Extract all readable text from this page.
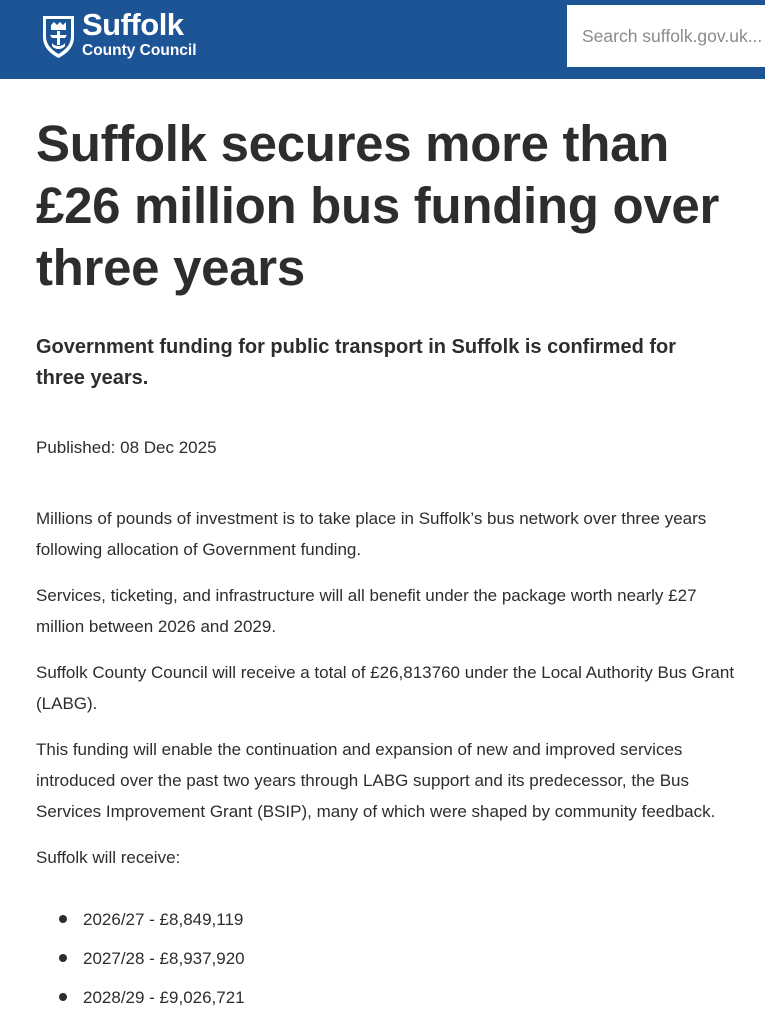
Suffolk
County Council
Search suffolk.gov.uk...
Suffolk secures more than £26 million bus funding over three years

Government funding for public transport in Suffolk is confirmed for three years.

Published: 08 Dec 2025

Millions of pounds of investment is to take place in Suffolk’s bus network over three years following allocation of Government funding.

Services, ticketing, and infrastructure will all benefit under the package worth nearly £27 million between 2026 and 2029.

Suffolk County Council will receive a total of £26,813760 under the Local Authority Bus Grant (LABG).

This funding will enable the continuation and expansion of new and improved services introduced over the past two years through LABG support and its predecessor, the Bus Services Improvement Grant (BSIP), many of which were shaped by community feedback.

Suffolk will receive:

2026/27 - £8,849,119
2027/28 - £8,937,920
2028/29 - £9,026,721
